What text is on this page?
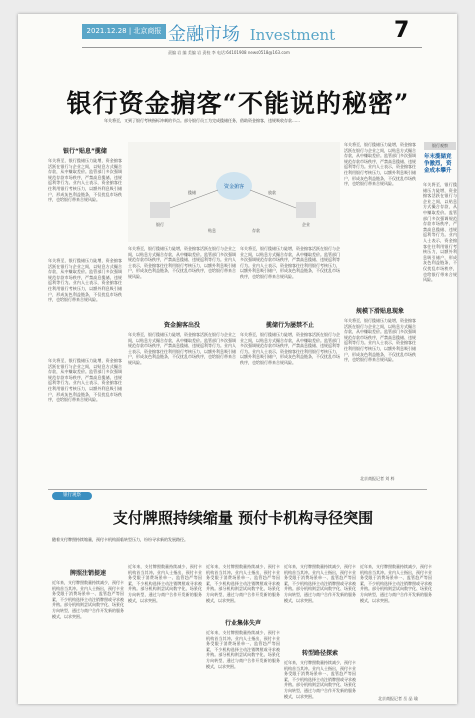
2021.12.28 | 北京商报 金融市场 Investment	7
责编 岩 编 美编 岩 责校 李 电话:64101908 news0518@163.com
银行资金掮客“不能说的秘密”
年关将至，又到了银行考核指标冲刺的节点。部分银行员工为完成揽储任务，借助资金掮客，违规吸收存款……
银行“贴息”揽储
年关将至，银行揽储压力陡增，资金掮客活跃在银行与企业之间，以贴息方式撮合存款，从中赚取差价。监管部门多次强调规范存款市场秩序，严禁高息揽储、违规返利等行为。业内人士表示，资金掮客往往利用银行考核压力，以额外利息吸引储户，形成灰色利益链条，不仅扰乱市场秩序，也给银行带来合规风险。
年关将至，银行揽储压力陡增，资金掮客活跃在银行与企业之间，以贴息方式撮合存款，从中赚取差价。监管部门多次强调规范存款市场秩序，严禁高息揽储、违规返利等行为。业内人士表示，资金掮客往往利用银行考核压力，以额外利息吸引储户，形成灰色利益链条，不仅扰乱市场秩序，也给银行带来合规风险。
年关将至，银行揽储压力陡增，资金掮客活跃在银行与企业之间，以贴息方式撮合存款，从中赚取差价。监管部门多次强调规范存款市场秩序，严禁高息揽储、违规返利等行为。业内人士表示，资金掮客往往利用银行考核压力，以额外利息吸引储户，形成灰色利益链条，不仅扰乱市场秩序，也给银行带来合规风险。
资金掮客
银行	企业
揽储	放款
贴息	存款
年关将至，银行揽储压力陡增，资金掮客活跃在银行与企业之间，以贴息方式撮合存款，从中赚取差价。监管部门多次强调规范存款市场秩序，严禁高息揽储、违规返利等行为。业内人士表示，资金掮客往往利用银行考核压力，以额外利息吸引储户，形成灰色利益链条，不仅扰乱市场秩序，也给银行带来合规风险。
资金掮客出没
年关将至，银行揽储压力陡增，资金掮客活跃在银行与企业之间，以贴息方式撮合存款，从中赚取差价。监管部门多次强调规范存款市场秩序，严禁高息揽储、违规返利等行为。业内人士表示，资金掮客往往利用银行考核压力，以额外利息吸引储户，形成灰色利益链条，不仅扰乱市场秩序，也给银行带来合规风险。
年关将至，银行揽储压力陡增，资金掮客活跃在银行与企业之间，以贴息方式撮合存款，从中赚取差价。监管部门多次强调规范存款市场秩序，严禁高息揽储、违规返利等行为。业内人士表示，资金掮客往往利用银行考核压力，以额外利息吸引储户，形成灰色利益链条，不仅扰乱市场秩序，也给银行带来合规风险。
揽储行为屡禁不止
年关将至，银行揽储压力陡增，资金掮客活跃在银行与企业之间，以贴息方式撮合存款，从中赚取差价。监管部门多次强调规范存款市场秩序，严禁高息揽储、违规返利等行为。业内人士表示，资金掮客往往利用银行考核压力，以额外利息吸引储户，形成灰色利益链条，不仅扰乱市场秩序，也给银行带来合规风险。
年关将至，银行揽储压力陡增，资金掮客活跃在银行与企业之间，以贴息方式撮合存款，从中赚取差价。监管部门多次强调规范存款市场秩序，严禁高息揽储、违规返利等行为。业内人士表示，资金掮客往往利用银行考核压力，以额外利息吸引储户，形成灰色利益链条，不仅扰乱市场秩序，也给银行带来合规风险。
规模下滑贴息现象
年关将至，银行揽储压力陡增，资金掮客活跃在银行与企业之间，以贴息方式撮合存款，从中赚取差价。监管部门多次强调规范存款市场秩序，严禁高息揽储、违规返利等行为。业内人士表示，资金掮客往往利用银行考核压力，以额外利息吸引储户，形成灰色利益链条，不仅扰乱市场秩序，也给银行带来合规风险。
银行观察
年末揽储竞争激烈，资金成本攀升
年关将至，银行揽储压力陡增，资金掮客活跃在银行与企业之间，以贴息方式撮合存款，从中赚取差价。监管部门多次强调规范存款市场秩序，严禁高息揽储、违规返利等行为。业内人士表示，资金掮客往往利用银行考核压力，以额外利息吸引储户，形成灰色利益链条，不仅扰乱市场秩序，也给银行带来合规风险。
北京商报记者 刘 梓
银行观察
支付牌照持续缩量 预付卡机构寻径突围
随着支付牌照持续缩量，预付卡机构面临转型压力，纷纷寻求新的发展路径。
牌照注销提速
近年来，支付牌照数量持续减少，预付卡机构首当其冲。业内人士指出，预付卡业务受限于消费场景单一、监管趋严等因素，不少机构选择主动注销牌照或寻求被并购。部分机构则尝试向数字化、场景化方向转型，通过与商户合作开发新的服务模式，以求突围。
近年来，支付牌照数量持续减少，预付卡机构首当其冲。业内人士指出，预付卡业务受限于消费场景单一、监管趋严等因素，不少机构选择主动注销牌照或寻求被并购。部分机构则尝试向数字化、场景化方向转型，通过与商户合作开发新的服务模式，以求突围。
近年来，支付牌照数量持续减少，预付卡机构首当其冲。业内人士指出，预付卡业务受限于消费场景单一、监管趋严等因素，不少机构选择主动注销牌照或寻求被并购。部分机构则尝试向数字化、场景化方向转型，通过与商户合作开发新的服务模式，以求突围。
行业集体失声
近年来，支付牌照数量持续减少，预付卡机构首当其冲。业内人士指出，预付卡业务受限于消费场景单一、监管趋严等因素，不少机构选择主动注销牌照或寻求被并购。部分机构则尝试向数字化、场景化方向转型，通过与商户合作开发新的服务模式，以求突围。
近年来，支付牌照数量持续减少，预付卡机构首当其冲。业内人士指出，预付卡业务受限于消费场景单一、监管趋严等因素，不少机构选择主动注销牌照或寻求被并购。部分机构则尝试向数字化、场景化方向转型，通过与商户合作开发新的服务模式，以求突围。
转型路径探索
近年来，支付牌照数量持续减少，预付卡机构首当其冲。业内人士指出，预付卡业务受限于消费场景单一、监管趋严等因素，不少机构选择主动注销牌照或寻求被并购。部分机构则尝试向数字化、场景化方向转型，通过与商户合作开发新的服务模式，以求突围。
近年来，支付牌照数量持续减少，预付卡机构首当其冲。业内人士指出，预付卡业务受限于消费场景单一、监管趋严等因素，不少机构选择主动注销牌照或寻求被并购。部分机构则尝试向数字化、场景化方向转型，通过与商户合作开发新的服务模式，以求突围。
北京商报记者 岳 品 瑜
